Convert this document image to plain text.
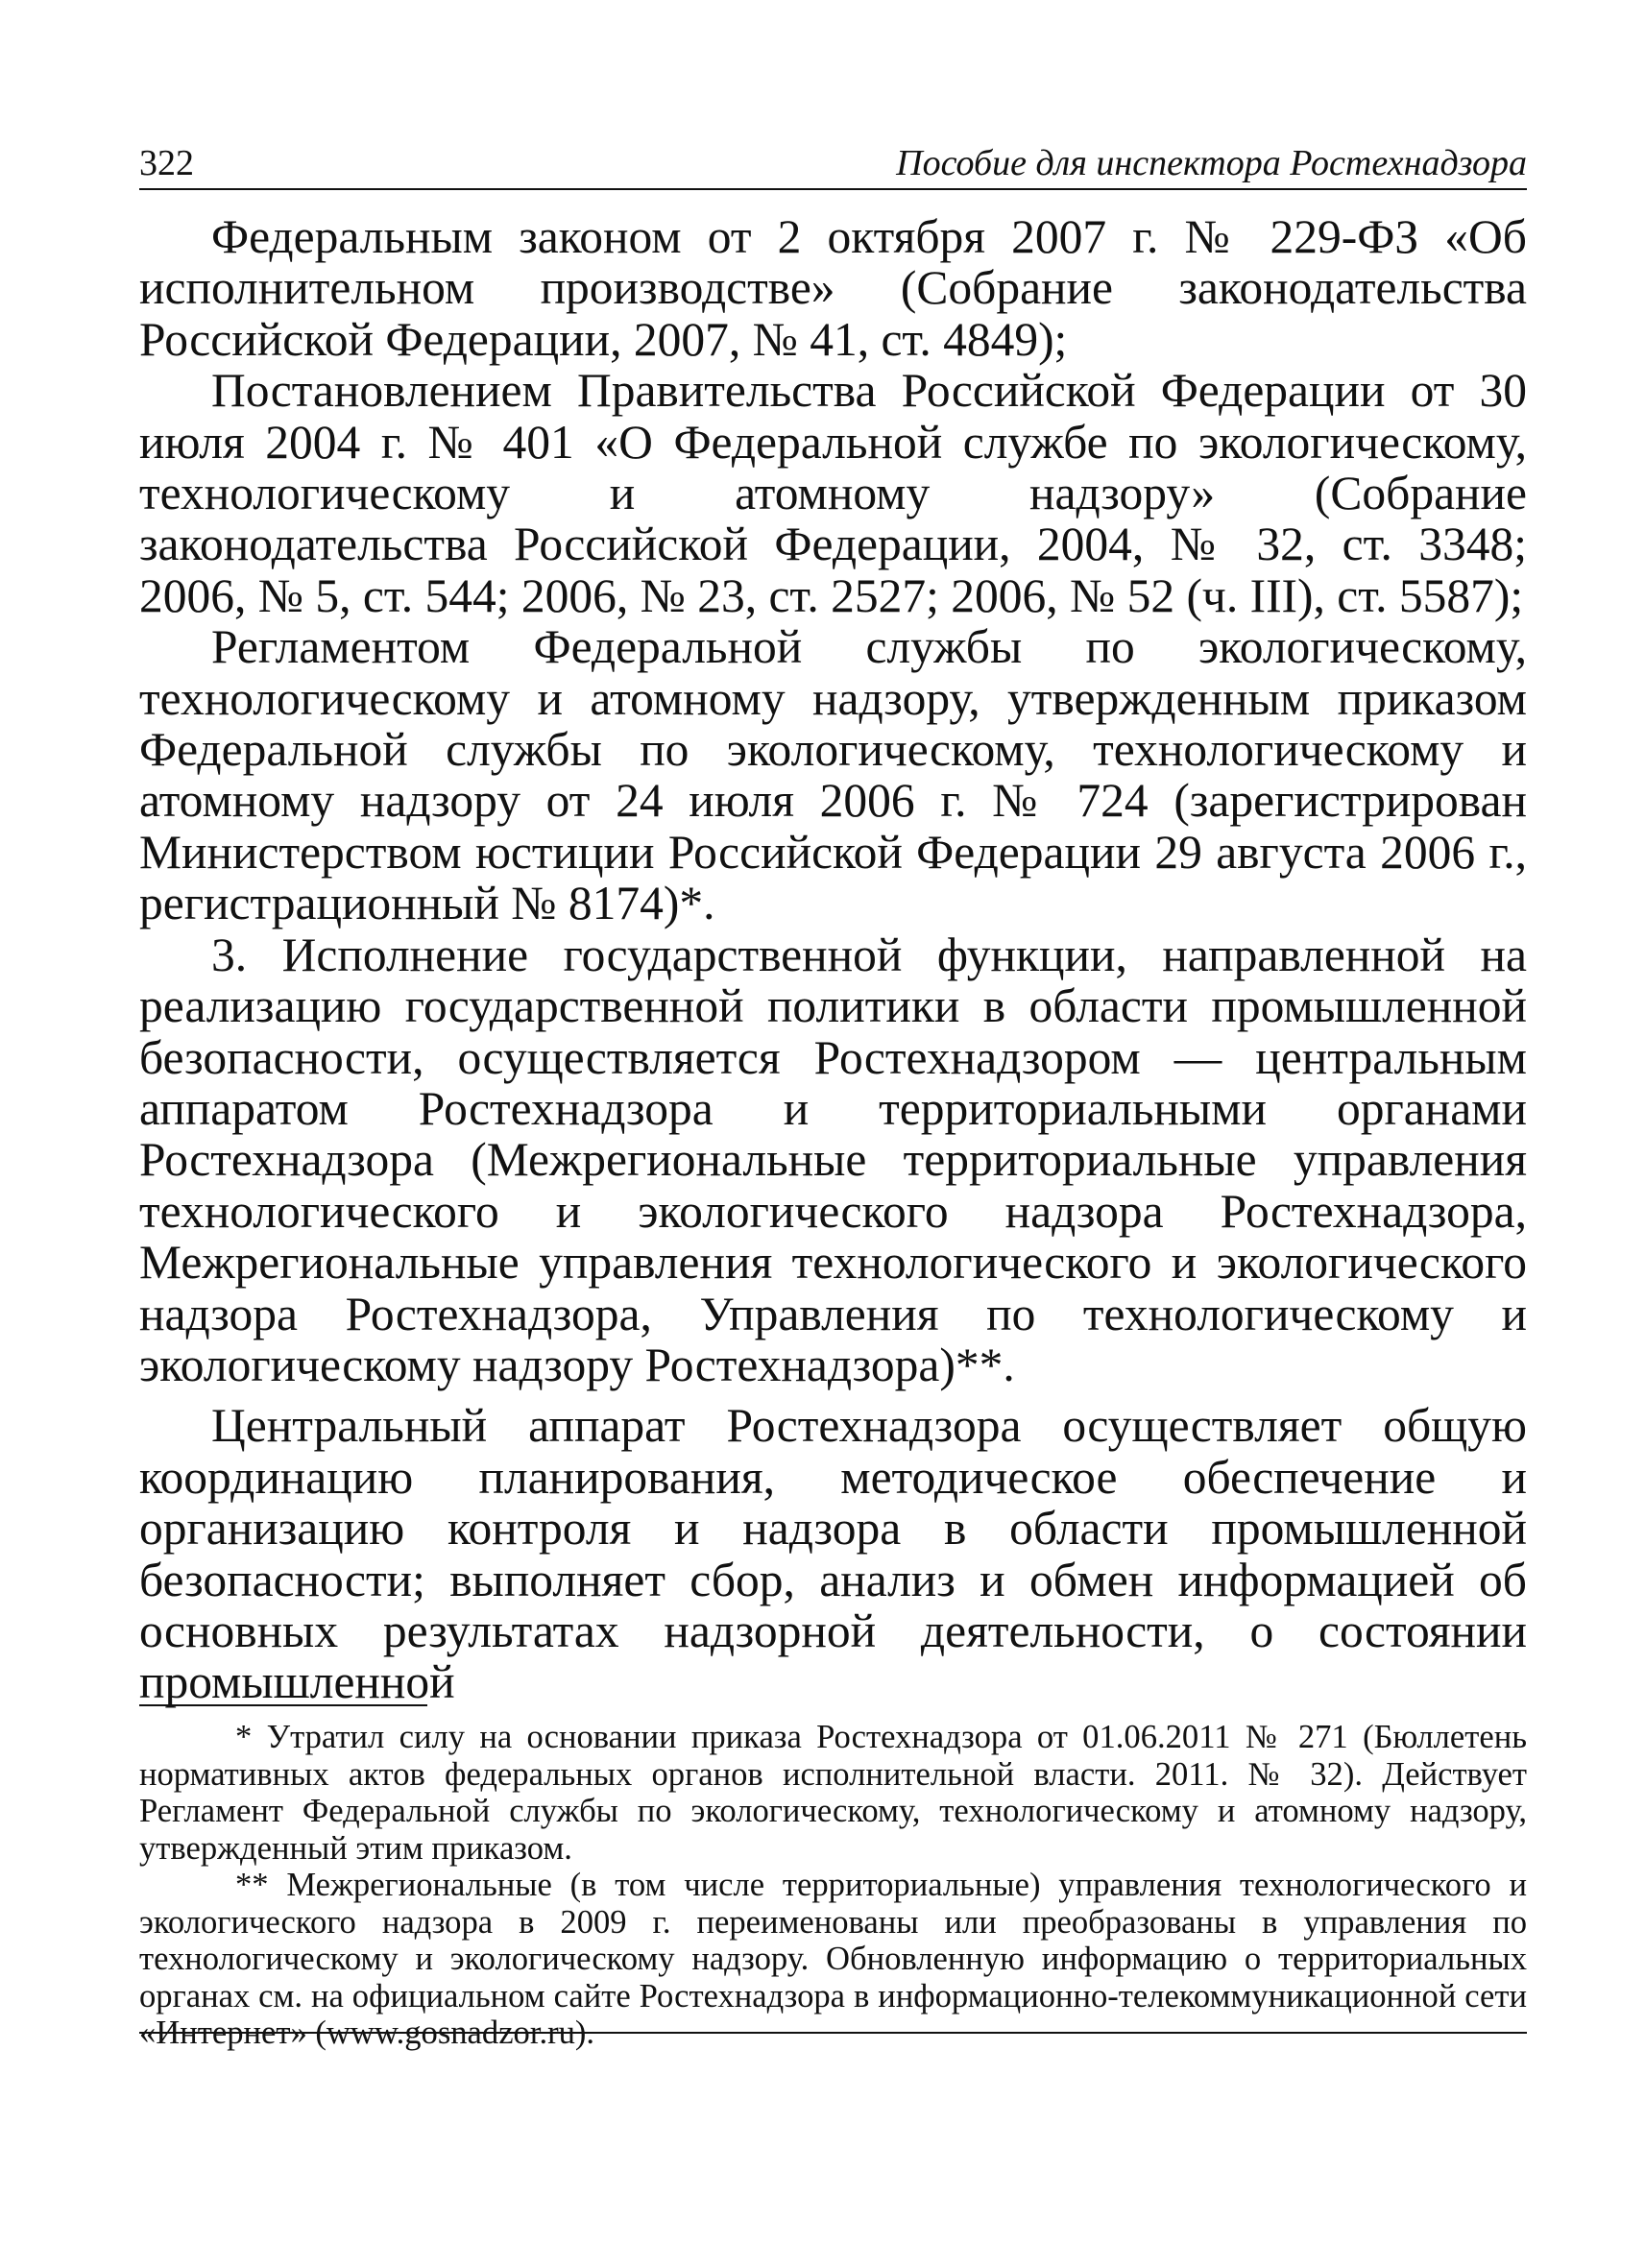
322	Пособие для инспектора Ростехнадзора

Федеральным законом от 2 октября 2007 г. № 229-ФЗ «Об исполнительном производстве» (Собрание законодательства Российской Федерации, 2007, № 41, ст. 4849);

Постановлением Правительства Российской Федерации от 30 июля 2004 г. № 401 «О Федеральной службе по экологическому, технологическому и атомному надзору» (Собрание законодательства Российской Федерации, 2004, № 32, ст. 3348; 2006, № 5, ст. 544; 2006, № 23, ст. 2527; 2006, № 52 (ч. III), ст. 5587);

Регламентом Федеральной службы по экологическому, технологическому и атомному надзору, утвержденным приказом Федеральной службы по экологическому, технологическому и атомному надзору от 24 июля 2006 г. № 724 (зарегистрирован Министерством юстиции Российской Федерации 29 августа 2006 г., регистрационный № 8174)*.

3. Исполнение государственной функции, направленной на реализацию государственной политики в области промышленной безопасности, осуществляется Ростехнадзором — центральным аппаратом Ростехнадзора и территориальными органами Ростехнадзора (Межрегиональные территориальные управления технологического и экологического надзора Ростехнадзора, Межрегиональные управления технологического и экологического надзора Ростехнадзора, Управления по технологическому и экологическому надзору Ростехнадзора)**.

Центральный аппарат Ростехнадзора осуществляет общую координацию планирования, методическое обеспечение и организацию контроля и надзора в области промышленной безопасности; выполняет сбор, анализ и обмен информацией об основных результатах надзорной деятельности, о состоянии промышленной

* Утратил силу на основании приказа Ростехнадзора от 01.06.2011 № 271 (Бюллетень нормативных актов федеральных органов исполнительной власти. 2011. № 32). Действует Регламент Федеральной службы по экологическому, технологическому и атомному надзору, утвержденный этим приказом.

** Межрегиональные (в том числе территориальные) управления технологического и экологического надзора в 2009 г. переименованы или преобразованы в управления по технологическому и экологическому надзору. Обновленную информацию о территориальных органах см. на официальном сайте Ростехнадзора в информационно-телекоммуникационной сети «Интернет» (www.gosnadzor.ru).
